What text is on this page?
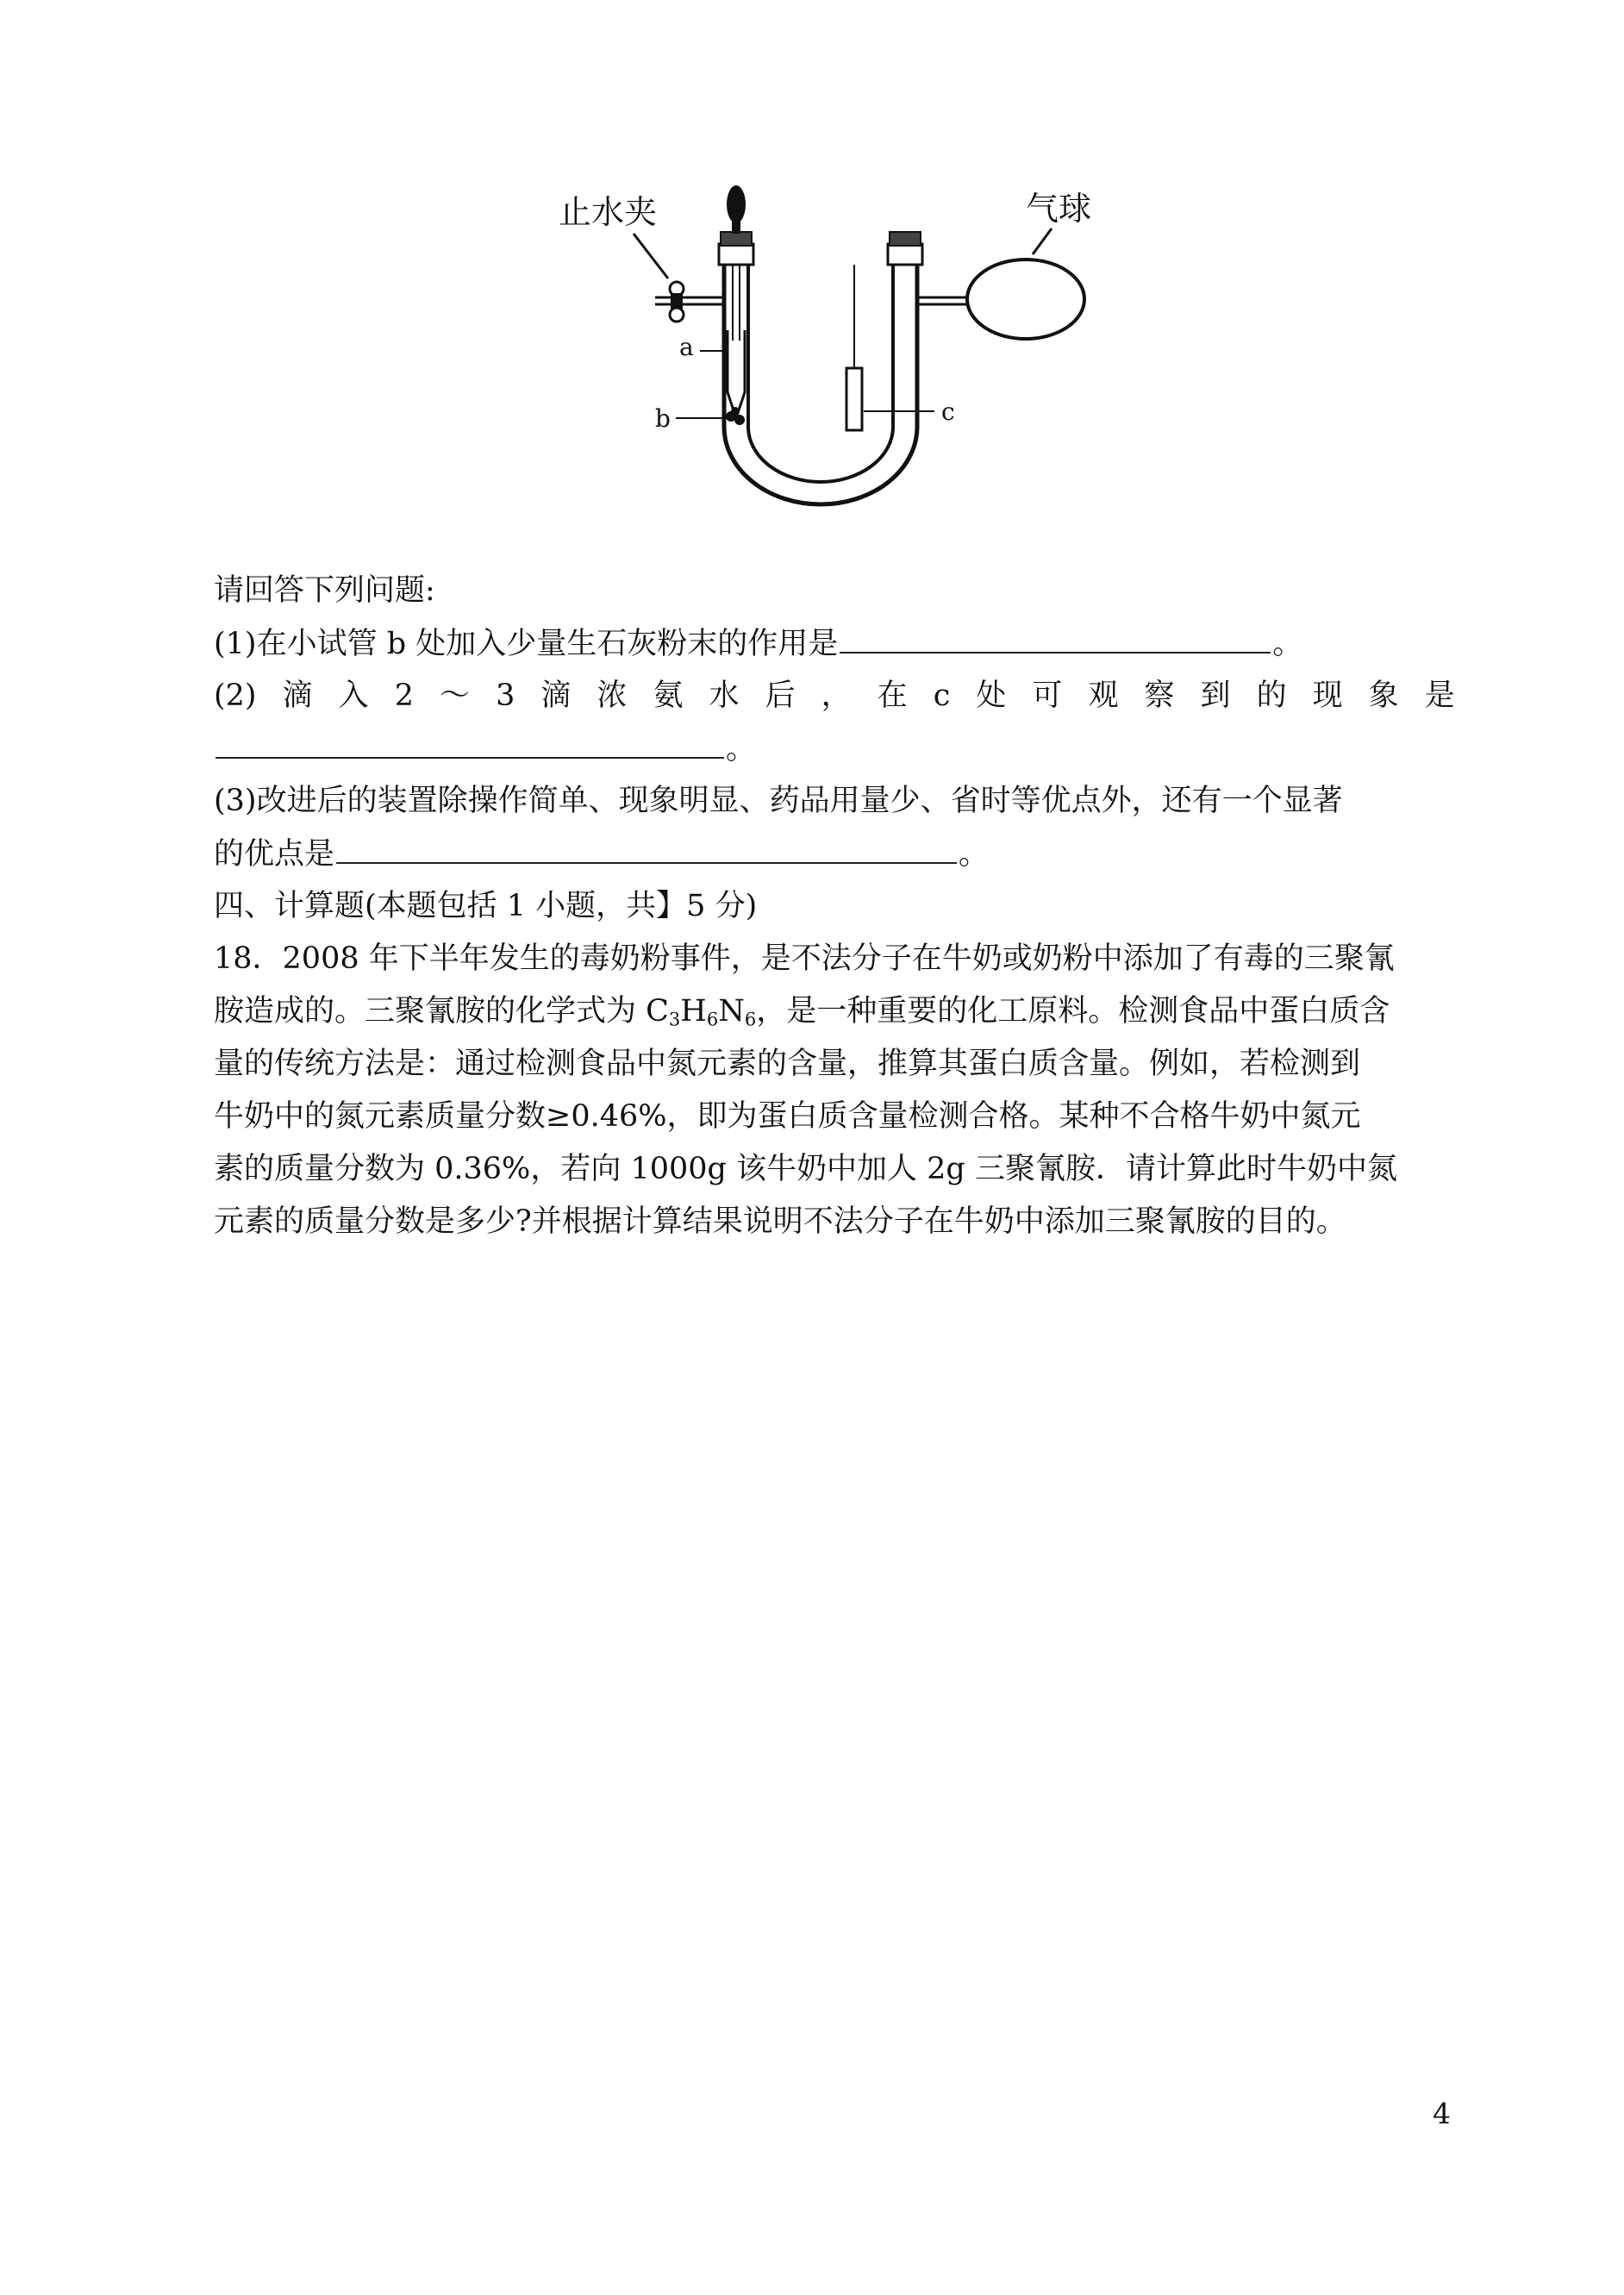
止水夹	气球
a
b	c
请回答下列问题:
(1)在小试管 b 处加入少量生石灰粉末的作用是	。
(2) 滴 入 2 ～ 3 滴 浓 氨 水 后 ， 在 c 处 可 观 察 到 的 现 象 是
。
(3)改进后的装置除操作简单、现象明显、药品用量少、省时等优点外，还有一个显著
的优点是	。
四、计算题(本题包括 1 小题，共】5 分)
18．2008 年下半年发生的毒奶粉事件，是不法分子在牛奶或奶粉中添加了有毒的三聚氰
胺造成的。三聚氰胺的化学式为 $C_3H_6N_6$，是一种重要的化工原料。检测食品中蛋白质含
量的传统方法是：通过检测食品中氮元素的含量，推算其蛋白质含量。例如，若检测到
牛奶中的氮元素质量分数≥0.46%，即为蛋白质含量检测合格。某种不合格牛奶中氮元
素的质量分数为 0.36%，若向 1000g 该牛奶中加人 2g 三聚氰胺．请计算此时牛奶中氮
元素的质量分数是多少?并根据计算结果说明不法分子在牛奶中添加三聚氰胺的目的。
4
